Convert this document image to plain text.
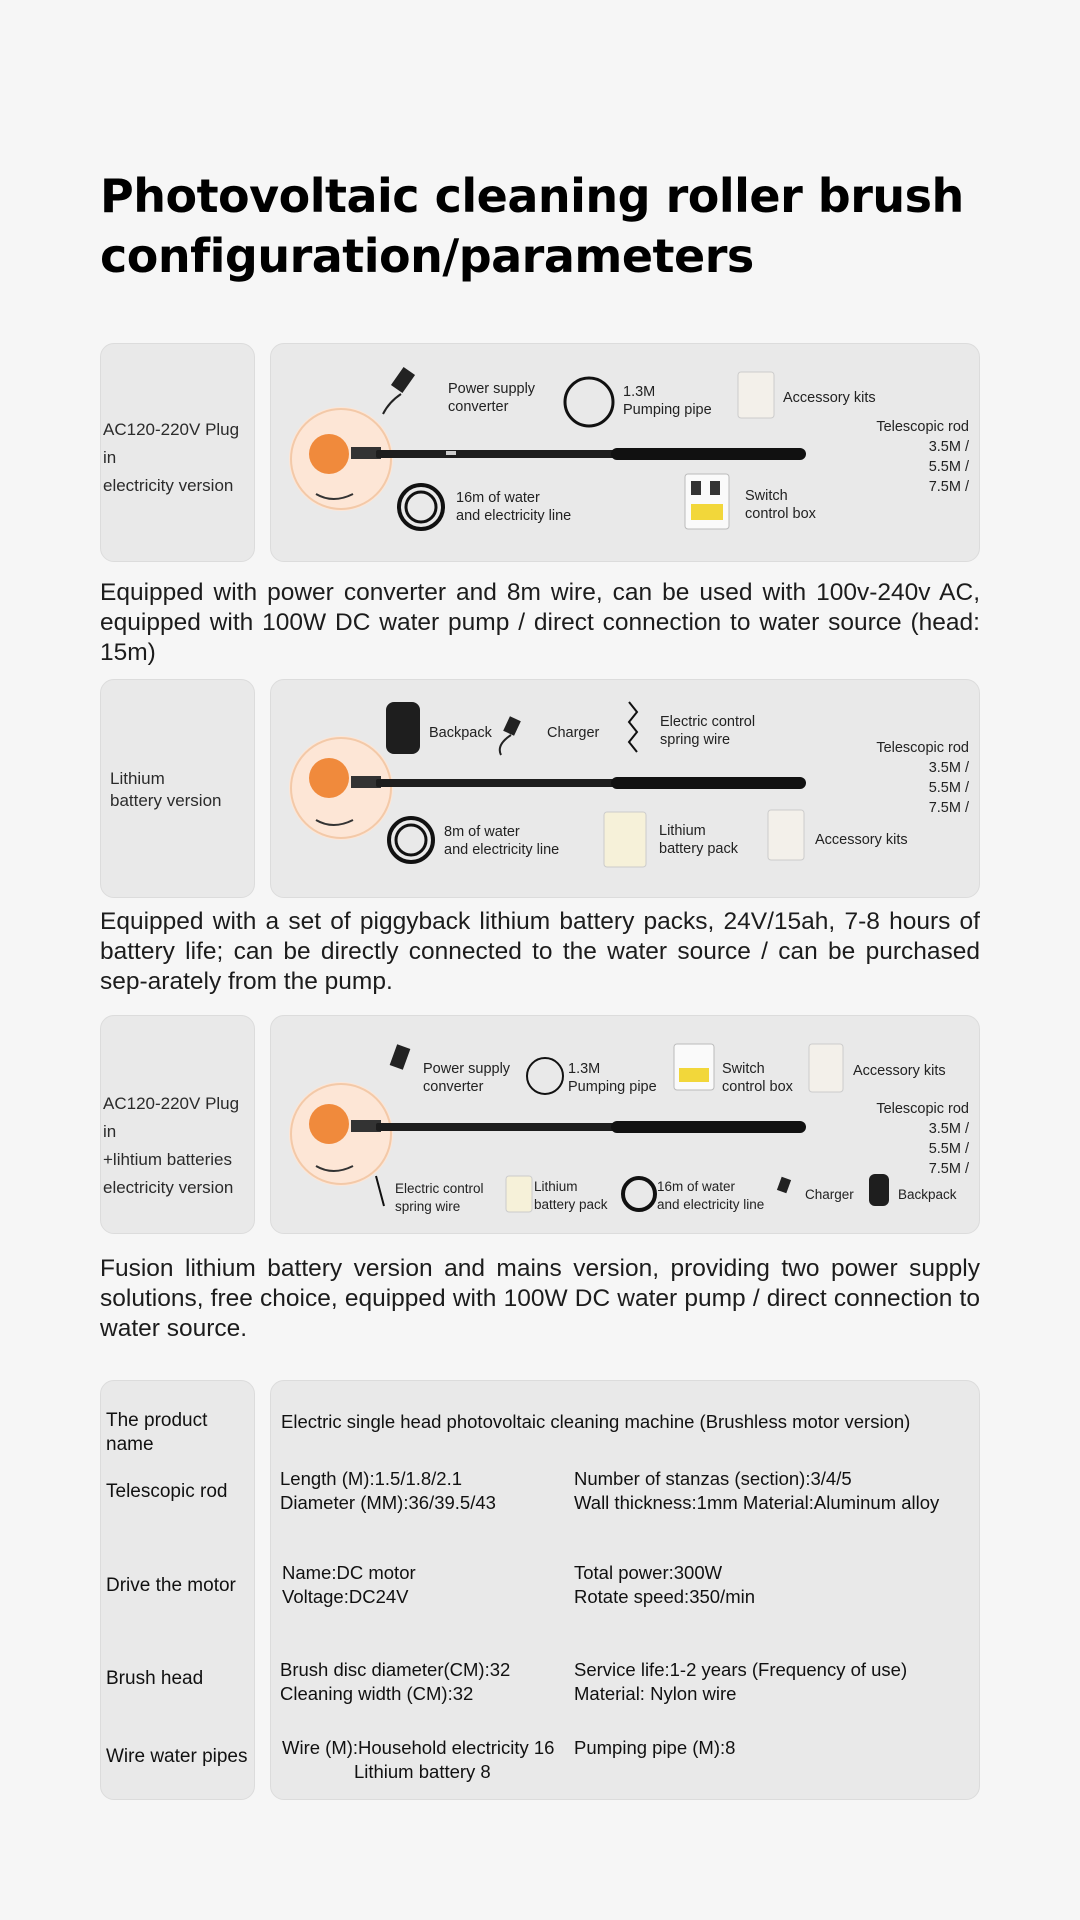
Photovoltaic cleaning roller brush configuration/parameters
AC120-220V Plug in
electricity version
Power supply
converter
1.3M
Pumping pipe
Accessory kits
16m of water
and electricity line
Switch
control box
Telescopic rod
3.5M /
5.5M /
7.5M /

Equipped with power converter and 8m wire, can be used with 100v-240v AC, equipped with 100W DC water pump / direct connection to water source (head: 15m)

Lithium
battery version
Backpack	Charger
Electric control
spring wire
8m of water
and electricity line
Lithium
battery pack
Accessory kits
Telescopic rod
3.5M /
5.5M /
7.5M /

Equipped with a set of piggyback lithium battery packs, 24V/15ah, 7-8 hours of battery life; can be directly connected to the water source / can be purchased sep-arately from the pump.

AC120-220V Plug in
+lihtium batteries
electricity version
Power supply
converter
1.3M
Pumping pipe
Switch
control box
Accessory kits
Electric control
spring wire
Lithium
battery pack
16m of water
and electricity line
Charger	Backpack
Telescopic rod
3.5M /
5.5M /
7.5M /

Fusion lithium battery version and mains version, providing two power supply solutions, free choice, equipped with 100W DC water pump / direct connection to water source.

The product
name
Telescopic rod
Drive the motor
Brush head
Wire water pipes
Electric single head photovoltaic cleaning machine (Brushless motor version)
Length (M):1.5/1.8/2.1
Diameter (MM):36/39.5/43
Number of stanzas (section):3/4/5
Wall thickness:1mm Material:Aluminum alloy
Name:DC motor
Voltage:DC24V
Total power:300W
Rotate speed:350/min
Brush disc diameter(CM):32
Cleaning width (CM):32
Service life:1-2 years (Frequency of use)
Material: Nylon wire
Wire (M):Household electricity 16
Lithium battery 8
Pumping pipe (M):8
